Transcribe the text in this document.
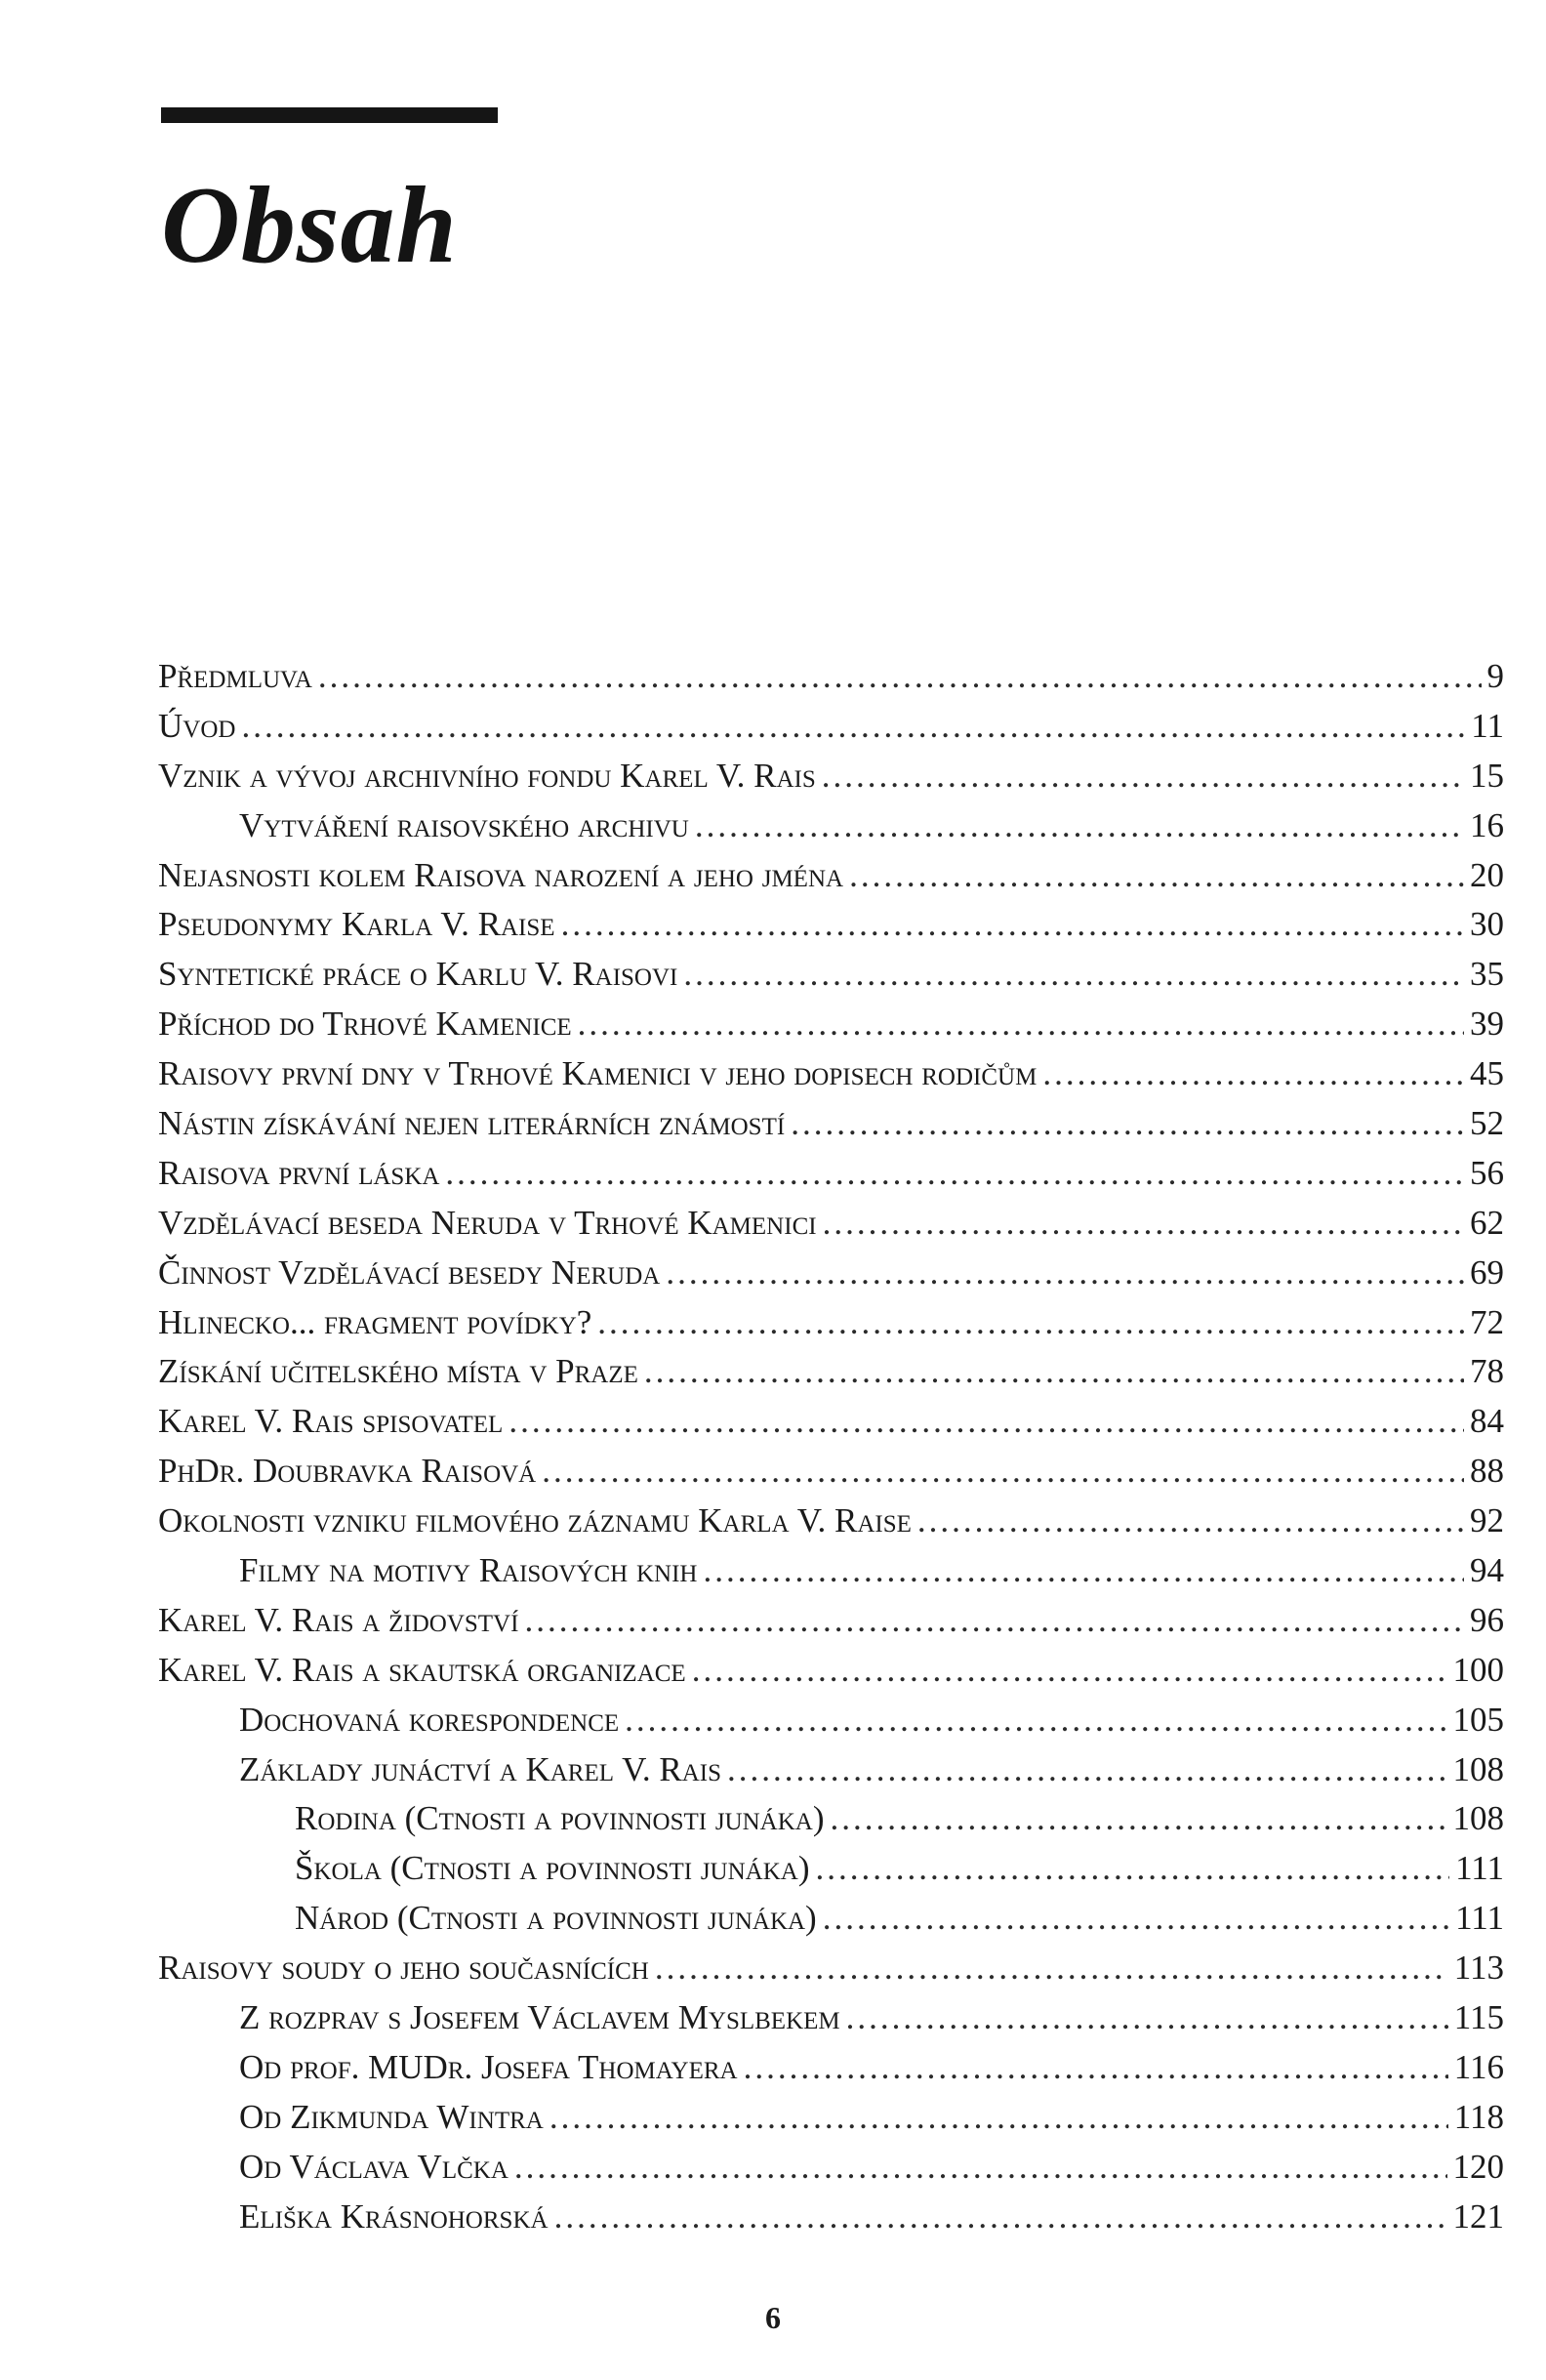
Obsah
Předmluva .....	9
Úvod .....	11
Vznik a vývoj archivního fondu Karel V. Rais .....	15
Vytváření raisovského archivu .....	16
Nejasnosti kolem Raisova narození a jeho jména .....	20
Pseudonymy Karla V. Raise .....	30
Syntetické práce o Karlu V. Raisovi .....	35
Příchod do Trhové Kamenice .....	39
Raisovy první dny v Trhové Kamenici v jeho dopisech rodičům .....	45
Nástin získávání nejen literárních známostí .....	52
Raisova první láska .....	56
Vzdělávací beseda Neruda v Trhové Kamenici .....	62
Činnost Vzdělávací besedy Neruda .....	69
Hlinecko... fragment povídky? .....	72
Získání učitelského místa v Praze .....	78
Karel V. Rais spisovatel .....	84
PhDr. Doubravka Raisová .....	88
Okolnosti vzniku filmového záznamu Karla V. Raise .....	92
Filmy na motivy Raisových knih .....	94
Karel V. Rais a židovství .....	96
Karel V. Rais a skautská organizace .....	100
Dochovaná korespondence .....	105
Základy junáctví a Karel V. Rais .....	108
Rodina (Ctnosti a povinnosti junáka) .....	108
Škola (Ctnosti a povinnosti junáka) .....	111
Národ (Ctnosti a povinnosti junáka) .....	111
Raisovy soudy o jeho současnících .....	113
Z rozprav s Josefem Václavem Myslbekem .....	115
Od prof. MUDr. Josefa Thomayera .....	116
Od Zikmunda Wintra .....	118
Od Václava Vlčka .....	120
Eliška Krásnohorská .....	121
6
